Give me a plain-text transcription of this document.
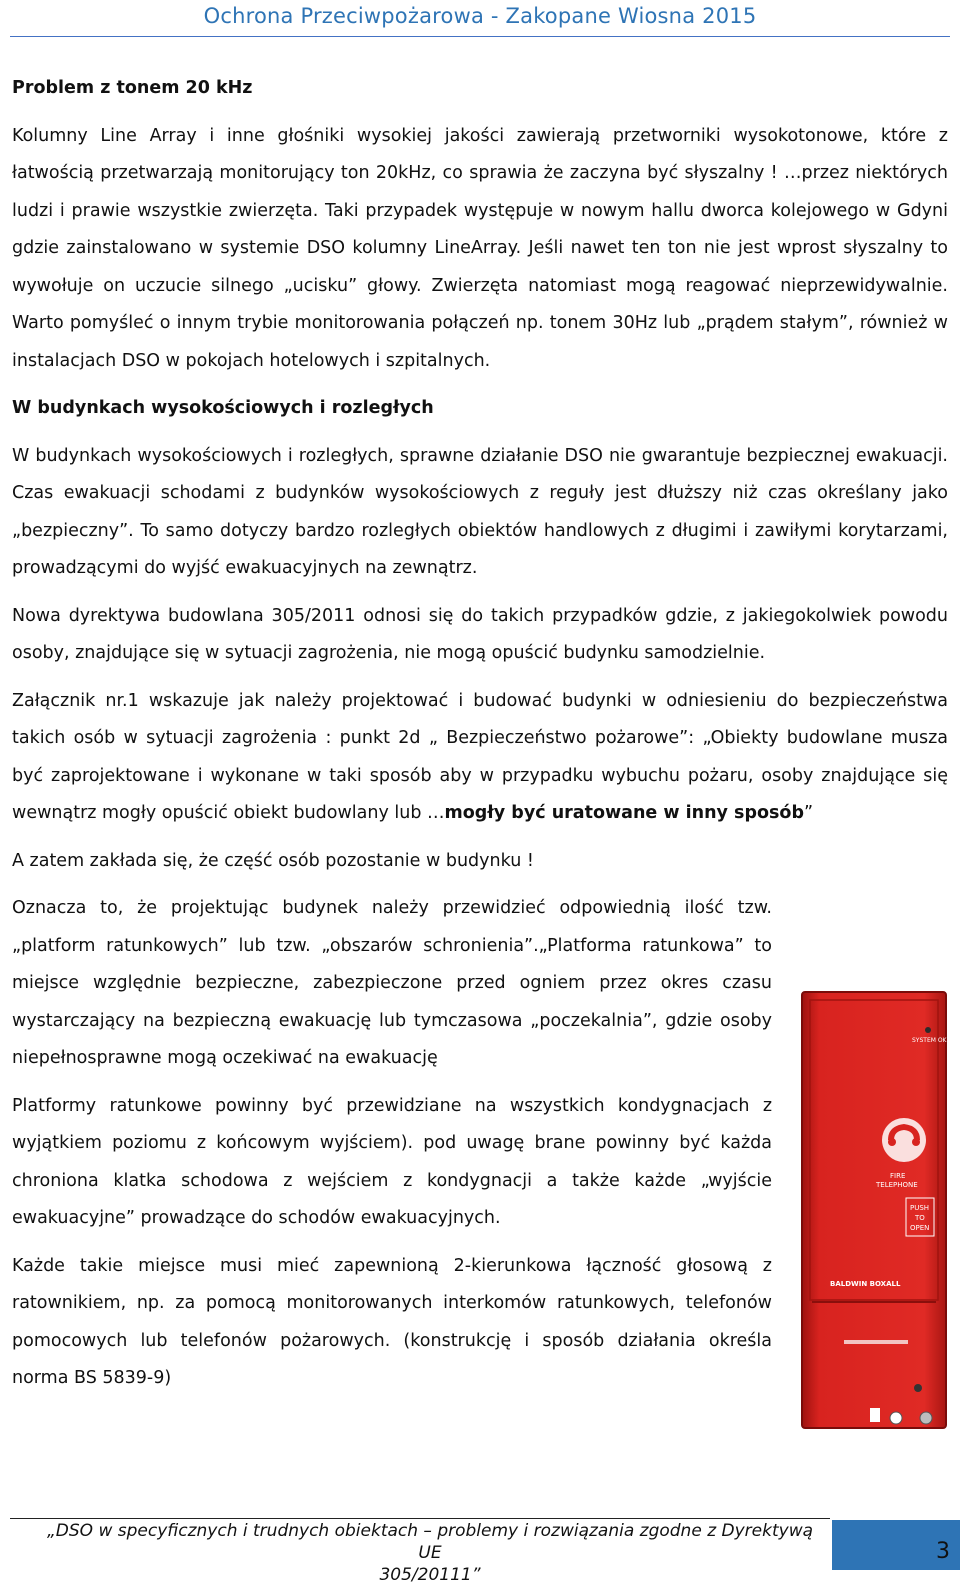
Ochrona Przeciwpożarowa - Zakopane Wiosna 2015

Problem z tonem 20 kHz

Kolumny Line Array i inne głośniki wysokiej jakości zawierają przetworniki wysokotonowe, które z łatwością przetwarzają monitorujący ton 20kHz, co sprawia że zaczyna być słyszalny ! …przez niektórych ludzi i prawie wszystkie zwierzęta. Taki przypadek występuje w nowym hallu dworca kolejowego w Gdyni gdzie zainstalowano w systemie DSO kolumny LineArray. Jeśli nawet ten ton nie jest wprost słyszalny to wywołuje on uczucie silnego „ucisku” głowy. Zwierzęta natomiast mogą reagować nieprzewidywalnie. Warto pomyśleć o innym trybie monitorowania połączeń np. tonem 30Hz lub „prądem stałym”, również w instalacjach DSO w pokojach hotelowych i szpitalnych.

W budynkach wysokościowych i rozległych

W budynkach wysokościowych i rozległych, sprawne działanie DSO nie gwarantuje bezpiecznej ewakuacji. Czas ewakuacji schodami z budynków wysokościowych z reguły jest dłuższy niż czas określany jako „bezpieczny”. To samo dotyczy bardzo rozległych obiektów handlowych z długimi i zawiłymi korytarzami, prowadzącymi do wyjść ewakuacyjnych na zewnątrz.

Nowa dyrektywa budowlana 305/2011 odnosi się do takich przypadków gdzie, z jakiegokolwiek powodu osoby, znajdujące się w sytuacji zagrożenia, nie mogą opuścić budynku samodzielnie.

Załącznik nr.1 wskazuje jak należy projektować i budować budynki w odniesieniu do bezpieczeństwa takich osób w sytuacji zagrożenia : punkt 2d „ Bezpieczeństwo pożarowe”: „Obiekty budowlane musza być zaprojektowane i wykonane w taki sposób aby w przypadku wybuchu pożaru, osoby znajdujące się wewnątrz mogły opuścić obiekt budowlany lub …mogły być uratowane w inny sposób”

A zatem zakłada się, że część osób pozostanie w budynku !

Oznacza to, że projektując budynek należy przewidzieć odpowiednią ilość tzw. „platform ratunkowych” lub tzw. „obszarów schronienia”.„Platforma ratunkowa” to miejsce względnie bezpieczne, zabezpieczone przed ogniem przez okres czasu wystarczający na bezpieczną ewakuację lub tymczasowa „poczekalnia”, gdzie osoby niepełnosprawne mogą oczekiwać na ewakuację

Platformy ratunkowe powinny być przewidziane na wszystkich kondygnacjach z wyjątkiem poziomu z końcowym wyjściem). pod uwagę brane powinny być każda chroniona klatka schodowa z wejściem z kondygnacji a także każde „wyjście ewakuacyjne” prowadzące do schodów ewakuacyjnych.

Każde takie miejsce musi mieć zapewnioną 2-kierunkowa łączność głosową z ratownikiem, np. za pomocą monitorowanych interkomów ratunkowych, telefonów pomocowych lub telefonów pożarowych. (konstrukcję i sposób działania określa norma BS 5839-9)

SYSTEM OK
FIRE
TELEPHONE
PUSH
TO
OPEN
BALDWIN BOXALL
„DSO w specyficznych i trudnych obiektach – problemy i rozwiązania zgodne z Dyrektywą UE
305/20111”
3
